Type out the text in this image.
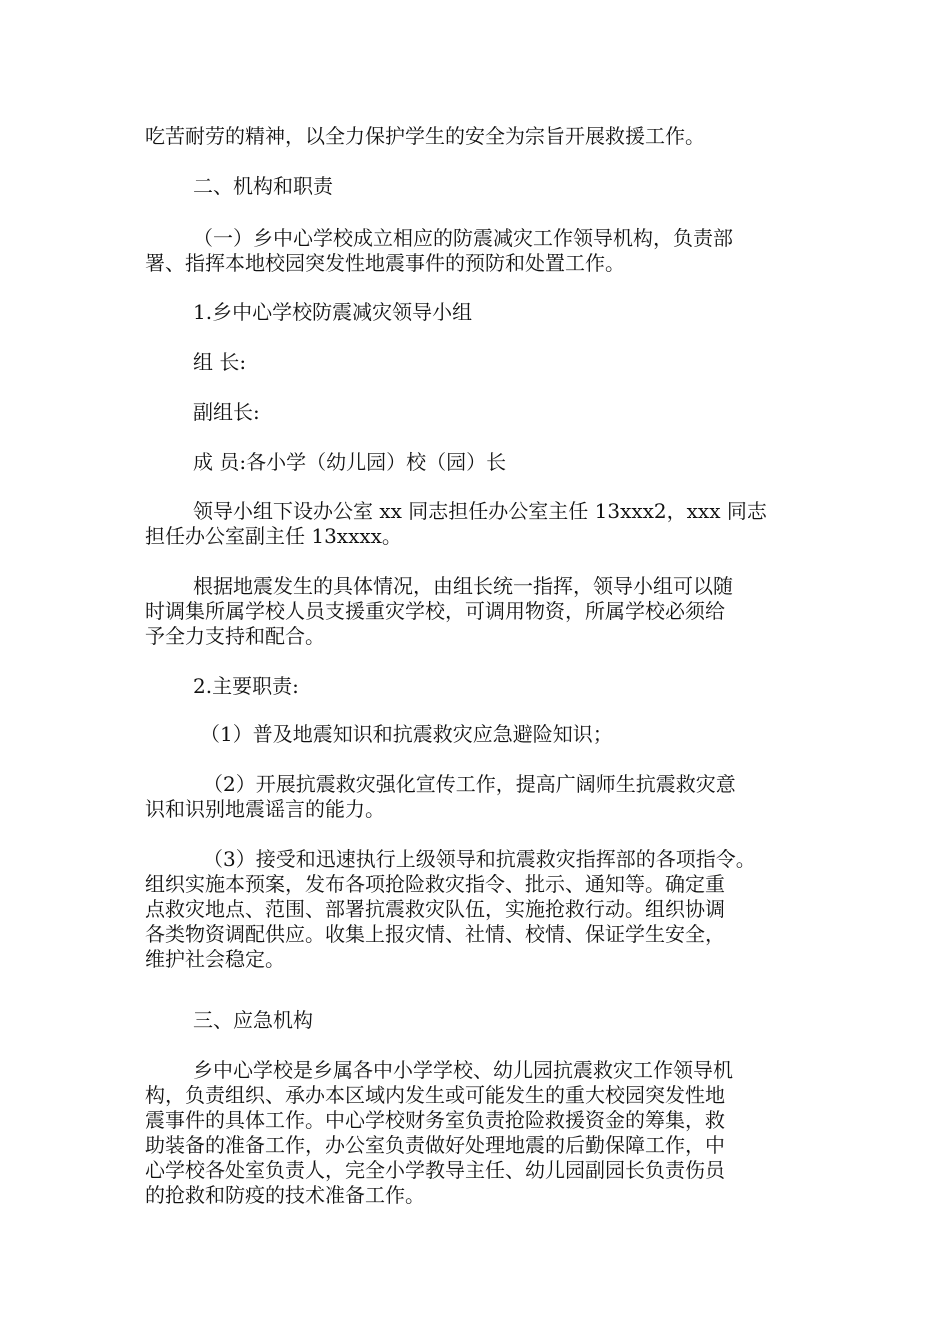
吃苦耐劳的精神，以全力保护学生的安全为宗旨开展救援工作。
二、机构和职责
（一）乡中心学校成立相应的防震减灾工作领导机构，负责部
署、指挥本地校园突发性地震事件的预防和处置工作。
1.乡中心学校防震减灾领导小组
组 长:
副组长:
成 员:各小学（幼儿园）校（园）长
领导小组下设办公室 xx 同志担任办公室主任 13xxx2，xxx 同志
担任办公室副主任 13xxxx。
根据地震发生的具体情况，由组长统一指挥，领导小组可以随
时调集所属学校人员支援重灾学校，可调用物资，所属学校必须给
予全力支持和配合。
2.主要职责:
（1）普及地震知识和抗震救灾应急避险知识；
（2）开展抗震救灾强化宣传工作，提高广阔师生抗震救灾意
识和识别地震谣言的能力。
（3）接受和迅速执行上级领导和抗震救灾指挥部的各项指令。
组织实施本预案，发布各项抢险救灾指令、批示、通知等。确定重
点救灾地点、范围、部署抗震救灾队伍，实施抢救行动。组织协调
各类物资调配供应。收集上报灾情、社情、校情、保证学生安全，
维护社会稳定。
三、应急机构
乡中心学校是乡属各中小学学校、幼儿园抗震救灾工作领导机
构，负责组织、承办本区域内发生或可能发生的重大校园突发性地
震事件的具体工作。中心学校财务室负责抢险救援资金的筹集，救
助装备的准备工作，办公室负责做好处理地震的后勤保障工作，中
心学校各处室负责人，完全小学教导主任、幼儿园副园长负责伤员
的抢救和防疫的技术准备工作。
